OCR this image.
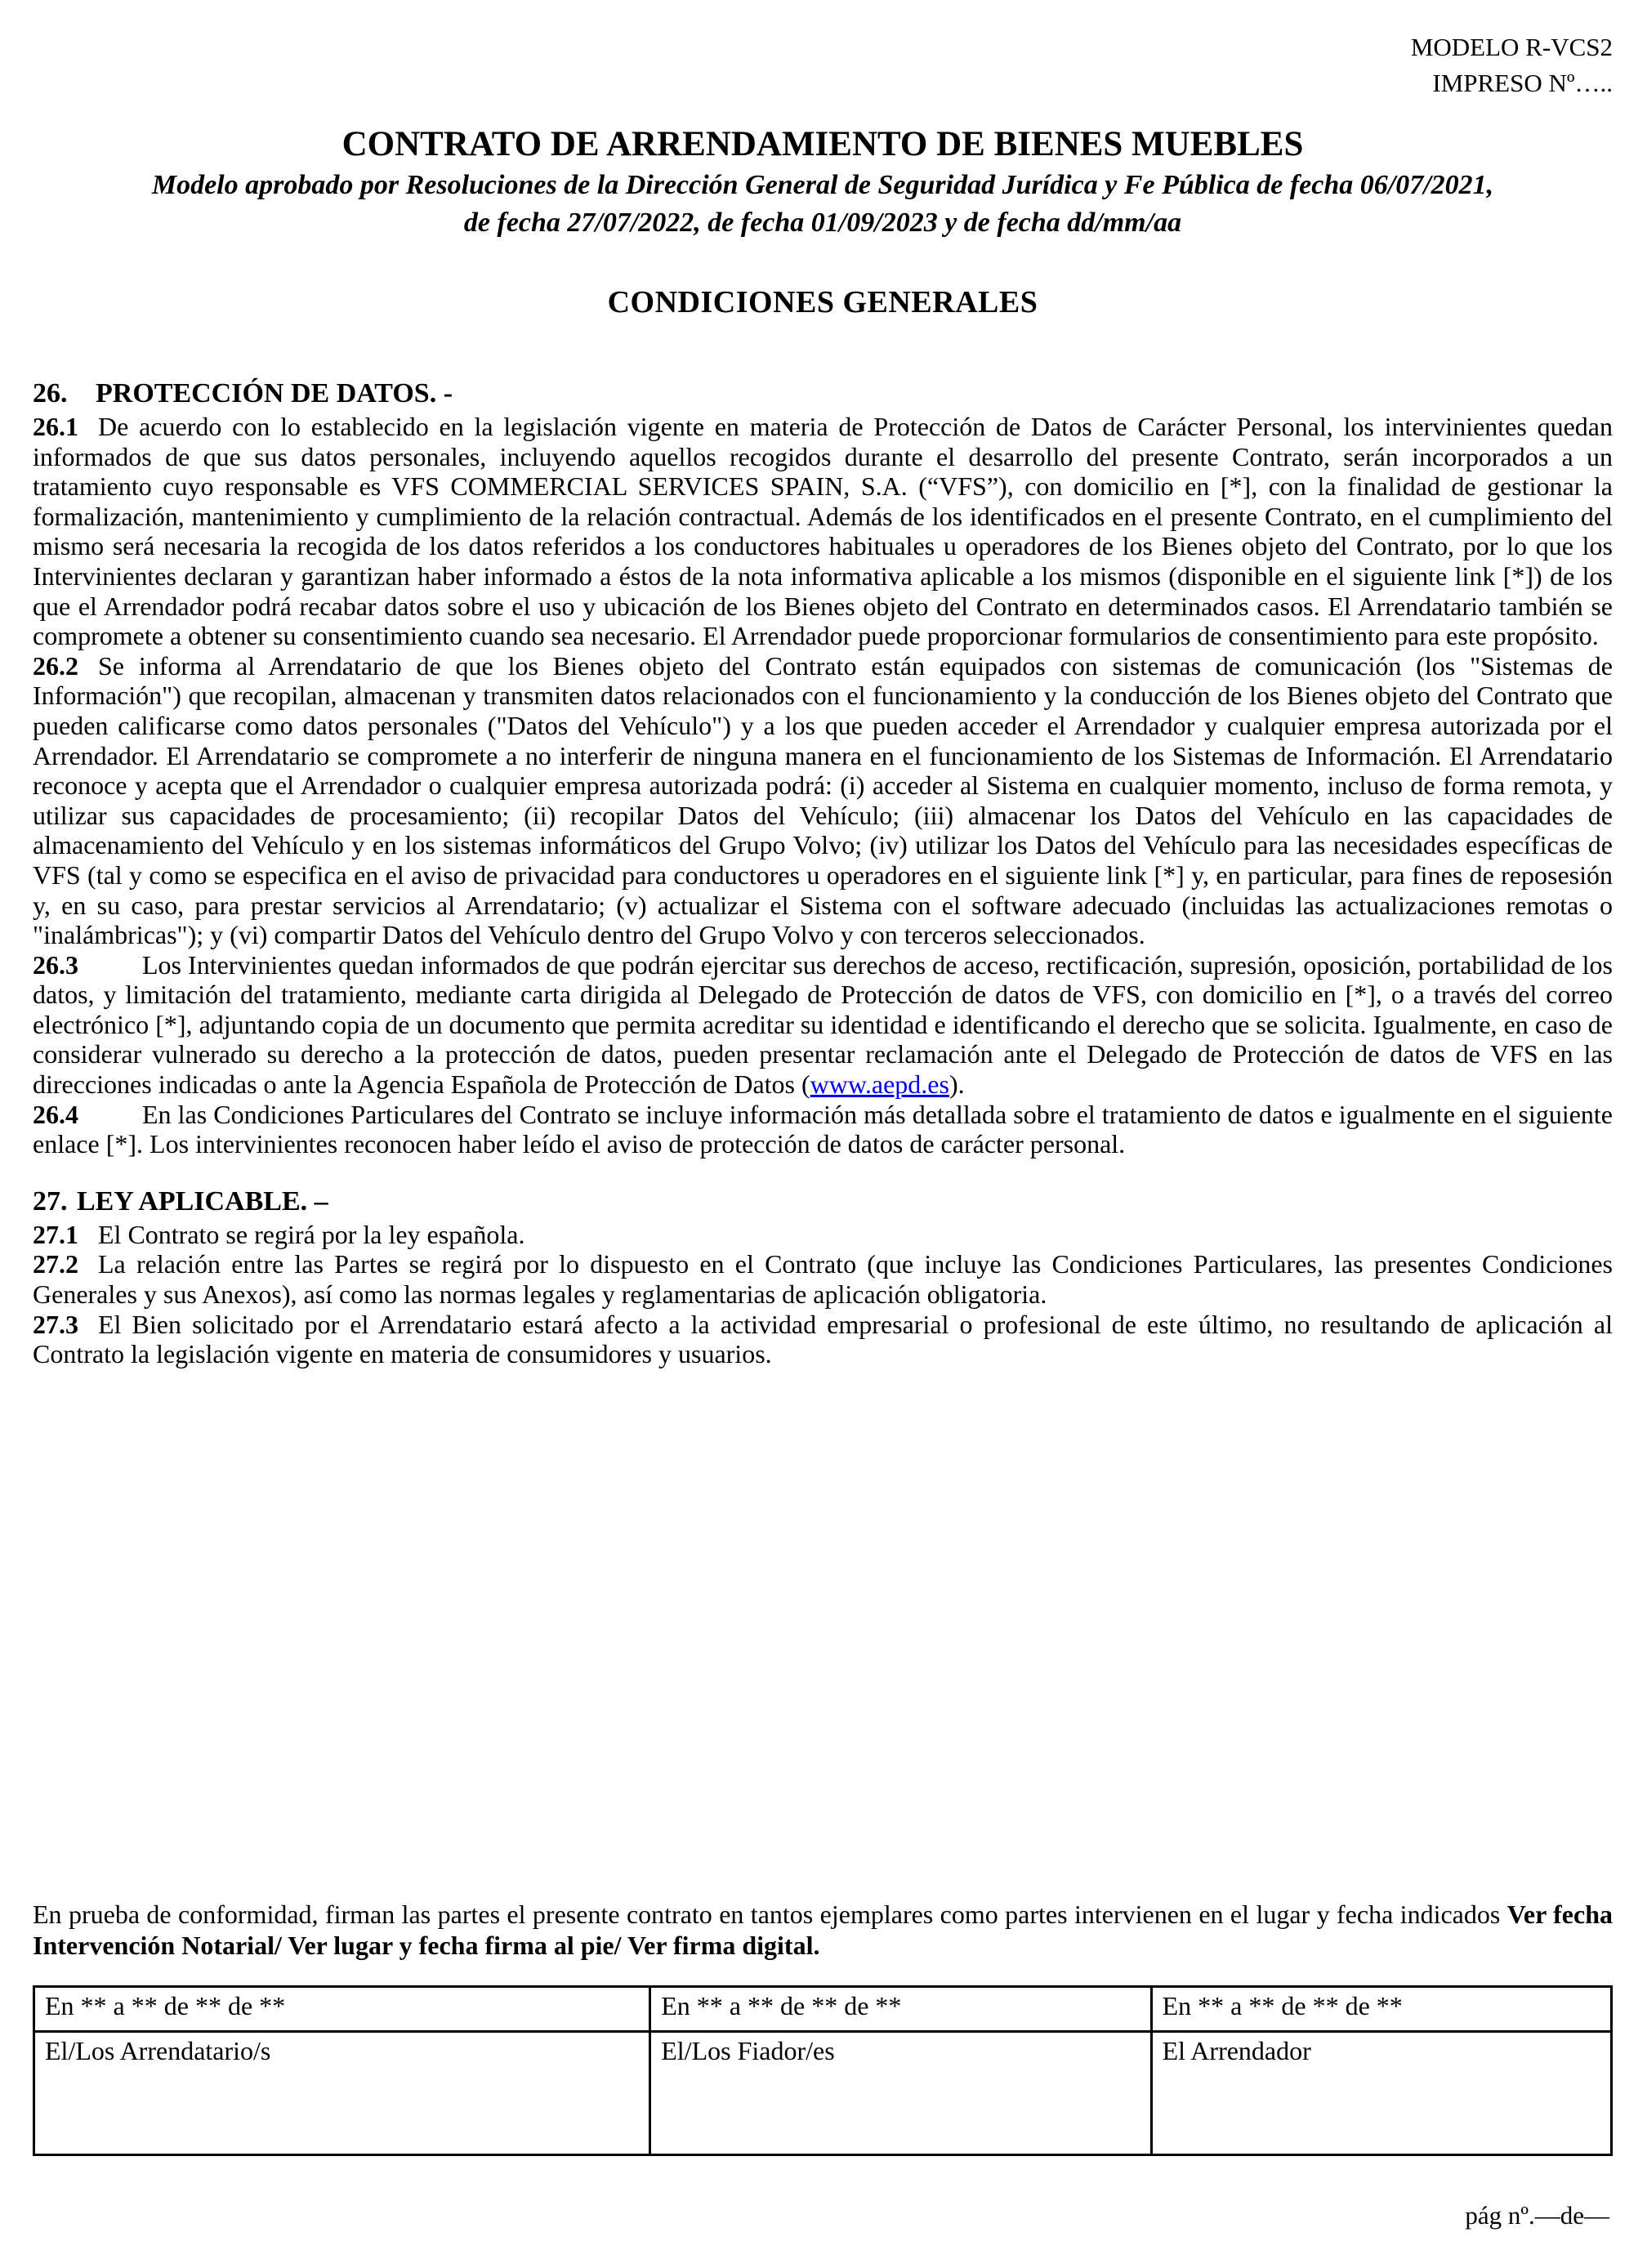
MODELO R-VCS2
IMPRESO Nº…..
CONTRATO DE ARRENDAMIENTO DE BIENES MUEBLES
Modelo aprobado por Resoluciones de la Dirección General de Seguridad Jurídica y Fe Pública de fecha 06/07/2021,
de fecha 27/07/2022, de fecha 01/09/2023 y de fecha dd/mm/aa
CONDICIONES GENERALES
26. PROTECCIÓN DE DATOS. -
26.1 De acuerdo con lo establecido en la legislación vigente en materia de Protección de Datos de Carácter Personal, los intervinientes quedan informados de que sus datos personales, incluyendo aquellos recogidos durante el desarrollo del presente Contrato, serán incorporados a un tratamiento cuyo responsable es VFS COMMERCIAL SERVICES SPAIN, S.A. (“VFS”), con domicilio en [*], con la finalidad de gestionar la formalización, mantenimiento y cumplimiento de la relación contractual. Además de los identificados en el presente Contrato, en el cumplimiento del mismo será necesaria la recogida de los datos referidos a los conductores habituales u operadores de los Bienes objeto del Contrato, por lo que los Intervinientes declaran y garantizan haber informado a éstos de la nota informativa aplicable a los mismos (disponible en el siguiente link [*]) de los que el Arrendador podrá recabar datos sobre el uso y ubicación de los Bienes objeto del Contrato en determinados casos. El Arrendatario también se compromete a obtener su consentimiento cuando sea necesario. El Arrendador puede proporcionar formularios de consentimiento para este propósito.
26.2 Se informa al Arrendatario de que los Bienes objeto del Contrato están equipados con sistemas de comunicación (los "Sistemas de Información") que recopilan, almacenan y transmiten datos relacionados con el funcionamiento y la conducción de los Bienes objeto del Contrato que pueden calificarse como datos personales ("Datos del Vehículo") y a los que pueden acceder el Arrendador y cualquier empresa autorizada por el Arrendador. El Arrendatario se compromete a no interferir de ninguna manera en el funcionamiento de los Sistemas de Información. El Arrendatario reconoce y acepta que el Arrendador o cualquier empresa autorizada podrá: (i) acceder al Sistema en cualquier momento, incluso de forma remota, y utilizar sus capacidades de procesamiento; (ii) recopilar Datos del Vehículo; (iii) almacenar los Datos del Vehículo en las capacidades de almacenamiento del Vehículo y en los sistemas informáticos del Grupo Volvo; (iv) utilizar los Datos del Vehículo para las necesidades específicas de VFS (tal y como se especifica en el aviso de privacidad para conductores u operadores en el siguiente link [*] y, en particular, para fines de reposesión y, en su caso, para prestar servicios al Arrendatario; (v) actualizar el Sistema con el software adecuado (incluidas las actualizaciones remotas o "inalámbricas"); y (vi) compartir Datos del Vehículo dentro del Grupo Volvo y con terceros seleccionados.
26.3 Los Intervinientes quedan informados de que podrán ejercitar sus derechos de acceso, rectificación, supresión, oposición, portabilidad de los datos, y limitación del tratamiento, mediante carta dirigida al Delegado de Protección de datos de VFS, con domicilio en [*], o a través del correo electrónico [*], adjuntando copia de un documento que permita acreditar su identidad e identificando el derecho que se solicita. Igualmente, en caso de considerar vulnerado su derecho a la protección de datos, pueden presentar reclamación ante el Delegado de Protección de datos de VFS en las direcciones indicadas o ante la Agencia Española de Protección de Datos (www.aepd.es).
26.4 En las Condiciones Particulares del Contrato se incluye información más detallada sobre el tratamiento de datos e igualmente en el siguiente enlace [*]. Los intervinientes reconocen haber leído el aviso de protección de datos de carácter personal.
27. LEY APLICABLE. –
27.1 El Contrato se regirá por la ley española.
27.2 La relación entre las Partes se regirá por lo dispuesto en el Contrato (que incluye las Condiciones Particulares, las presentes Condiciones Generales y sus Anexos), así como las normas legales y reglamentarias de aplicación obligatoria.
27.3 El Bien solicitado por el Arrendatario estará afecto a la actividad empresarial o profesional de este último, no resultando de aplicación al Contrato la legislación vigente en materia de consumidores y usuarios.
En prueba de conformidad, firman las partes el presente contrato en tantos ejemplares como partes intervienen en el lugar y fecha indicados Ver fecha Intervención Notarial/ Ver lugar y fecha firma al pie/ Ver firma digital.
En ** a ** de ** de **	En ** a ** de ** de **	En ** a ** de ** de **
El/Los Arrendatario/s	El/Los Fiador/es	El Arrendador
pág nº.—de—
